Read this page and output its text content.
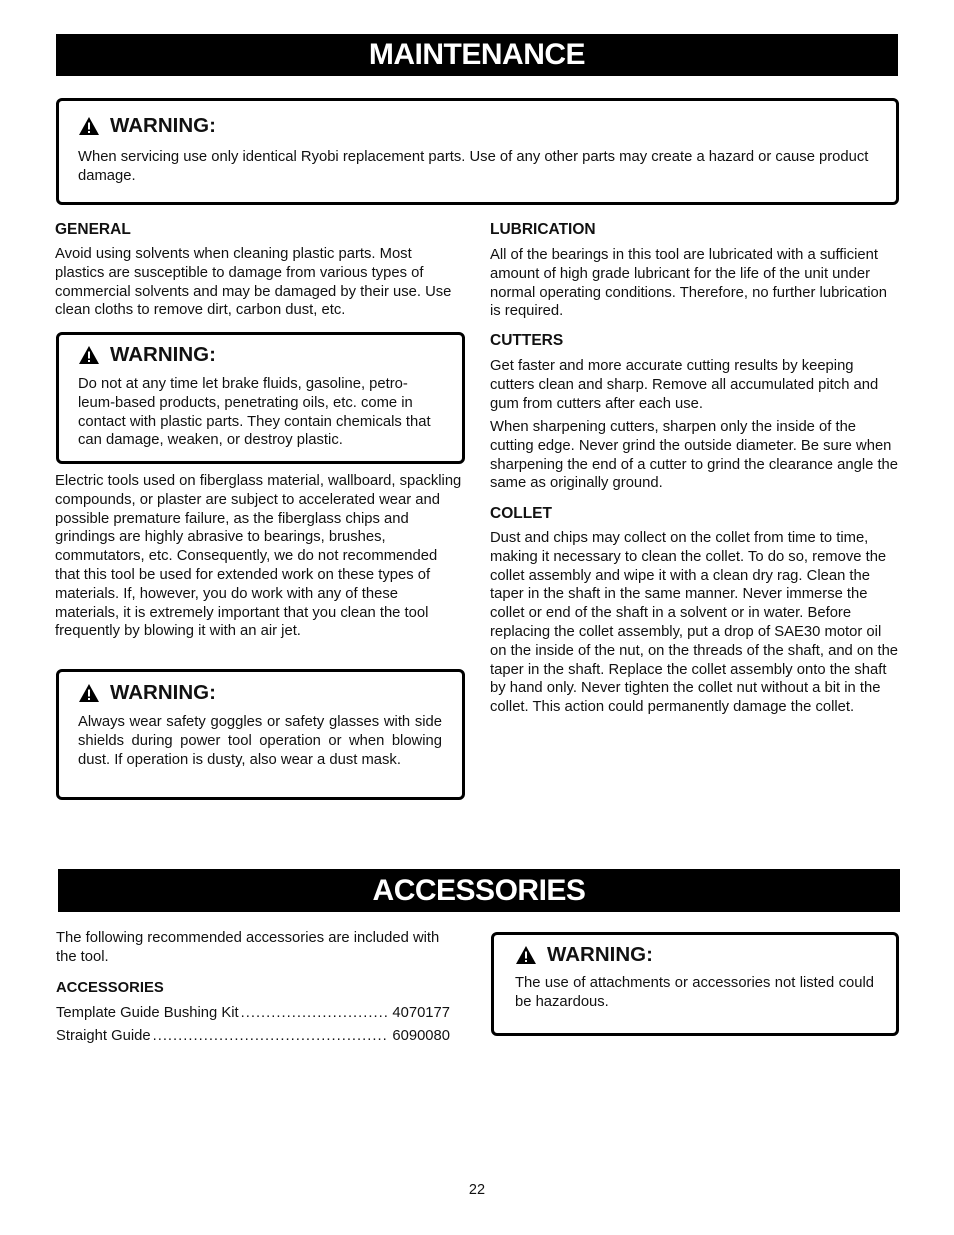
MAINTENANCE
WARNING:
When servicing use only identical Ryobi replacement parts. Use of any other parts may create a hazard or cause product damage.
GENERAL
Avoid using solvents when cleaning plastic parts. Most plastics are susceptible to damage from various types of commercial solvents and may be damaged by their use. Use clean cloths to remove dirt, carbon dust, etc.
WARNING:
Do not at any time let brake fluids, gasoline, petro-leum-based products, penetrating oils, etc. come in contact with plastic parts. They contain chemicals that can damage, weaken, or destroy plastic.
Electric tools used on fiberglass material, wallboard, spackling compounds, or plaster are subject to accelerated wear and possible premature failure, as the fiberglass chips and grindings are highly abrasive to bearings, brushes, commutators, etc. Consequently, we do not recommended that this tool be used for extended work on these types of materials. If, however, you do work with any of these materials, it is extremely important that you clean the tool frequently by blowing it with an air jet.
WARNING:
Always wear safety goggles or safety glasses with side shields during power tool operation or when blowing dust. If operation is dusty, also wear a dust mask.
LUBRICATION
All of the bearings in this tool are lubricated with a sufficient amount of high grade lubricant for the life of the unit under normal operating conditions. Therefore, no further lubrication is required.
CUTTERS
Get faster and more accurate cutting results by keeping cutters clean and sharp. Remove all accumulated pitch and gum from cutters after each use.
When sharpening cutters, sharpen only the inside of the cutting edge. Never grind the outside diameter. Be sure when sharpening the end of a cutter to grind the clearance angle the same as originally ground.
COLLET
Dust and chips may collect on the collet from time to time, making it necessary to clean the collet. To do so, remove the collet assembly and wipe it with a clean dry rag. Clean the taper in the shaft in the same manner. Never immerse the collet or end of the shaft in a solvent or in water. Before replacing the collet assembly, put a drop of SAE30 motor oil on the inside of the nut, on the threads of the shaft, and on the taper in the shaft. Replace the collet assembly onto the shaft by hand only. Never tighten the collet nut without a bit in the collet. This action could permanently damage the collet.
ACCESSORIES
The following recommended accessories are included with the tool.
ACCESSORIES
Template Guide Bushing Kit .....	4070177
Straight Guide .....	6090080
WARNING:
The use of attachments or accessories not listed could be hazardous.
22
